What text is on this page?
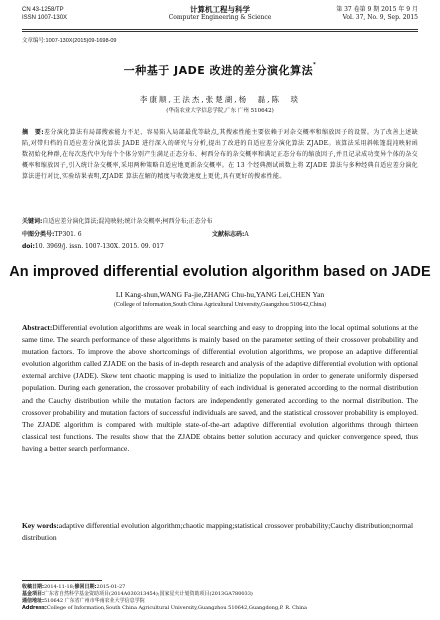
CN 43-1258/TP
ISSN 1007-130X
计算机工程与科学
Computer Engineering & Science
第 37 卷第 9 期 2015 年 9 月
Vol. 37, No. 9, Sep. 2015
文章编号:1007-130X(2015)09-1698-09
一种基于 JADE 改进的差分演化算法*
李康顺,王法杰,张楚湖,杨　磊,陈　琰
(华南农业大学信息学院,广东 广州 510642)
摘　要:差分演化算法有局部搜索能力不足、容易陷入局部最优等缺点,其搜索性能主要依赖于对杂交概率和缩放因子的设置。为了改善上述缺陷,对带归档的自适应差分演化算法 JADE 进行深入的研究与分析,提出了改进的自适应差分演化算法 ZJADE。该算法采用斜帐篷混沌映射函数初始化种群,在每次迭代中为每个个体分别产生满足正态分布、柯西分布的杂交概率和满足正态分布的缩放因子,并且记录成功变异个体的杂交概率和缩放因子,引入统计杂交概率,采用两种策略自适应地更新杂交概率。在 13 个经典测试函数上将 ZJADE 算法与多种经典自适应差分演化算法进行对比,实验结果表明,ZJADE 算法在解的精度与收敛速度上更优,具有更好的搜索性能。
关键词:自适应差分演化算法;混沌映射;统计杂交概率;柯西分布;正态分布
中图分类号:TP301. 6	文献标志码:A
doi:10. 3969/j. issn. 1007-130X. 2015. 09. 017
An improved differential evolution algorithm based on JADE
LI Kang-shun,WANG Fa-jie,ZHANG Chu-hu,YANG Lei,CHEN Yan
(College of Information,South China Agricultural University,Guangzhou 510642,China)
Abstract:Differential evolution algorithms are weak in local searching and easy to dropping into the local optimal solutions at the same time. The search performance of these algorithms is mainly based on the parameter setting of their crossover probability and mutation factors. To improve the above shortcomings of differential evolution algorithms, we propose an adaptive differential evolution algorithm called ZJADE on the basis of in-depth research and analysis of the adaptive differential evolution with optional external archive (JADE). Skew tent chaotic mapping is used to initialize the population in order to generate uniformly dispersed population. During each generation, the crossover probability of each individual is generated according to the normal distribution and the Cauchy distribution while the mutation factors are independently generated according to the normal distribution. The crossover probability and mutation factors of successful individuals are saved, and the statistical crossover probability is employed. The ZJADE algorithm is compared with multiple state-of-the-art adaptive differential evolution algorithms through thirteen classical test functions. The results show that the ZJADE obtains better solution accuracy and quicker convergence speed, thus having a better search performance.
Key words:adaptive differential evolution algorithm;chaotic mapping;statistical crossover probability;Cauchy distribution;normal distribution
收稿日期:2014-11-18;修回日期:2015-01-27
基金项目:广东省自然科学基金资助项目(2014A030313454);国家星火计划资助项目(2013GA780033)
通信地址:510642 广东省广州市华南农业大学信息学院
Address:College of Information,South China Agricultural University,Guangzhou 510642,Guangdong,P. R. China
